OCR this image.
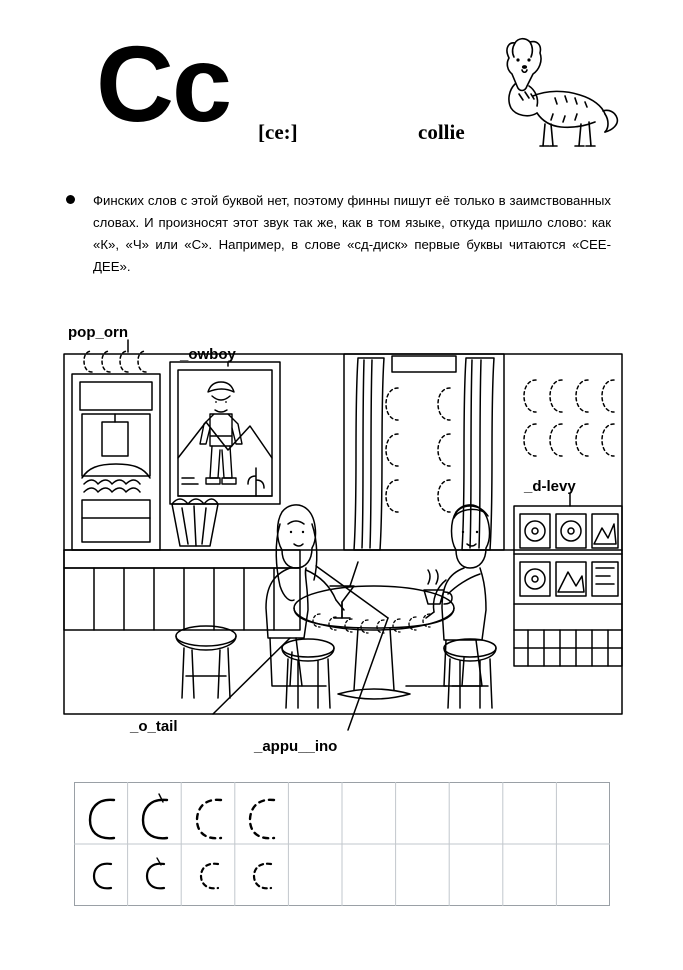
Cc [ce:]	collie
Финских слов с этой буквой нет, поэтому финны пишут её только в заимствованных словах. И произносят этот звук так же, как в том языке, откуда пришло слово: как «К», «Ч» или «С». Например, в слове «сд-диск» первые буквы читаются «СЕЕ-ДЕЕ».
pop_orn
_owboy
_d-levy
_o_tail
_appu__ino
